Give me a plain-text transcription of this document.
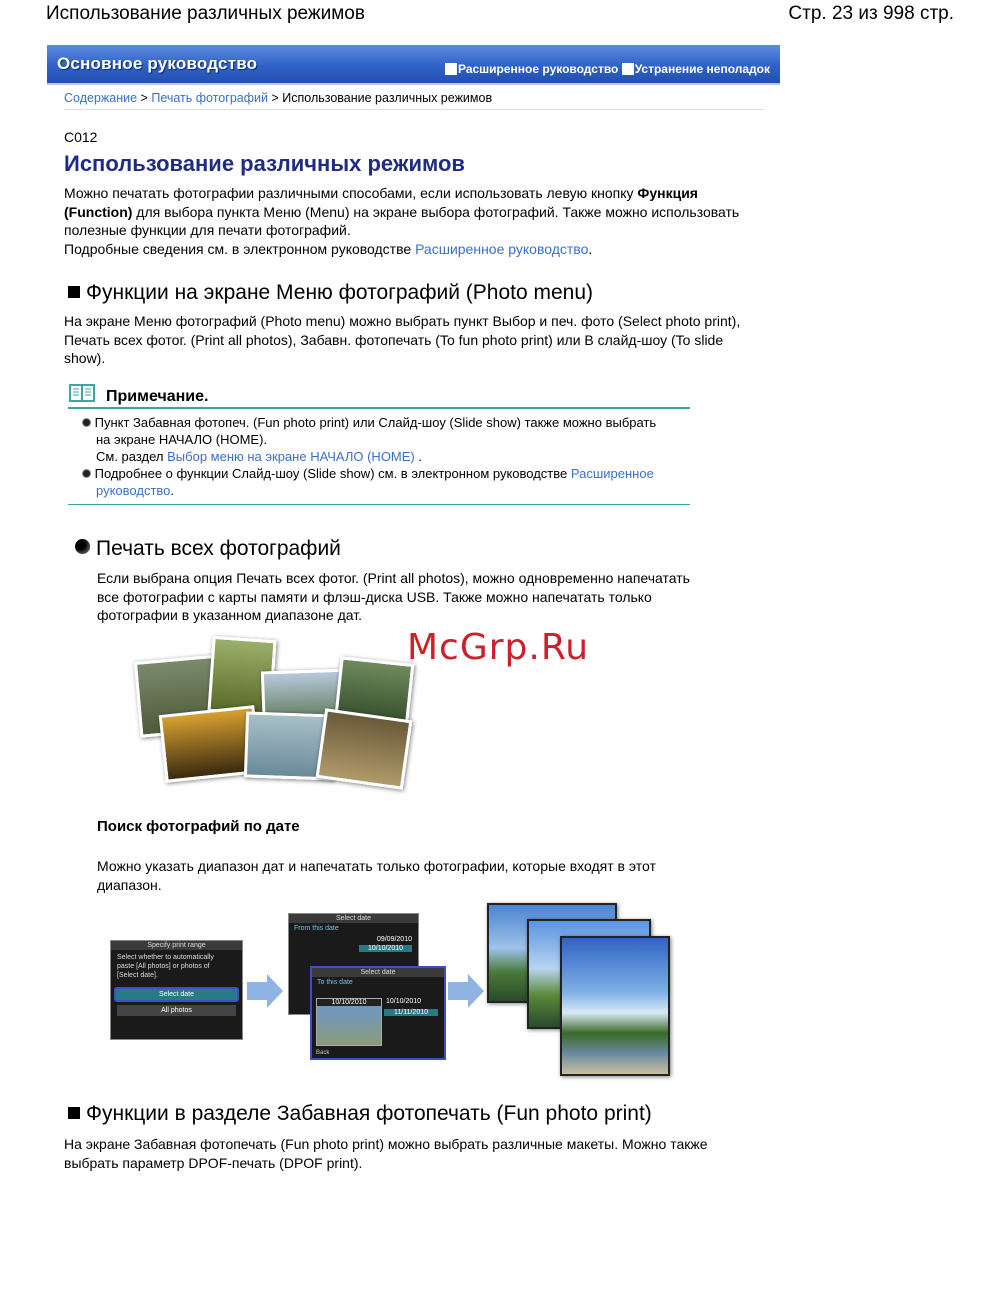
Использование различных режимов	Стр. 23 из 998 стр.
Основное руководство	Расширенное руководство Устранение неполадок
Содержание > Печать фотографий > Использование различных режимов
C012
Использование различных режимов
Можно печатать фотографии различными способами, если использовать левую кнопку Функция (Function) для выбора пункта Меню (Menu) на экране выбора фотографий. Также можно использовать полезные функции для печати фотографий.
Подробные сведения см. в электронном руководстве Расширенное руководство.
Функции на экране Меню фотографий (Photo menu)
На экране Меню фотографий (Photo menu) можно выбрать пункт Выбор и печ. фото (Select photo print), Печать всех фотог. (Print all photos), Забавн. фотопечать (To fun photo print) или В слайд-шоу (To slide show).
Примечание.
Пункт Забавная фотопеч. (Fun photo print) или Слайд-шоу (Slide show) также можно выбрать
на экране НАЧАЛО (HOME).
См. раздел Выбор меню на экране НАЧАЛО (HOME) .
Подробнее о функции Слайд-шоу (Slide show) см. в электронном руководстве Расширенное
руководство.
Печать всех фотографий
Если выбрана опция Печать всех фотог. (Print all photos), можно одновременно напечатать
все фотографии с карты памяти и флэш-диска USB. Также можно напечатать только
фотографии в указанном диапазоне дат.
McGrp.Ru
Поиск фотографий по дате
Можно указать диапазон дат и напечатать только фотографии, которые входят в этот
диапазон.
Specify print range
Select whether to automatically
paste [All photos] or photos of
[Select date].
Select date
All photos
Select date
From this date
09/09/2010
10/10/2010
Select date
To this date
10/10/2010	10/10/2010
11/11/2010
Back
Функции в разделе Забавная фотопечать (Fun photo print)
На экране Забавная фотопечать (Fun photo print) можно выбрать различные макеты. Можно также
выбрать параметр DPOF-печать (DPOF print).
